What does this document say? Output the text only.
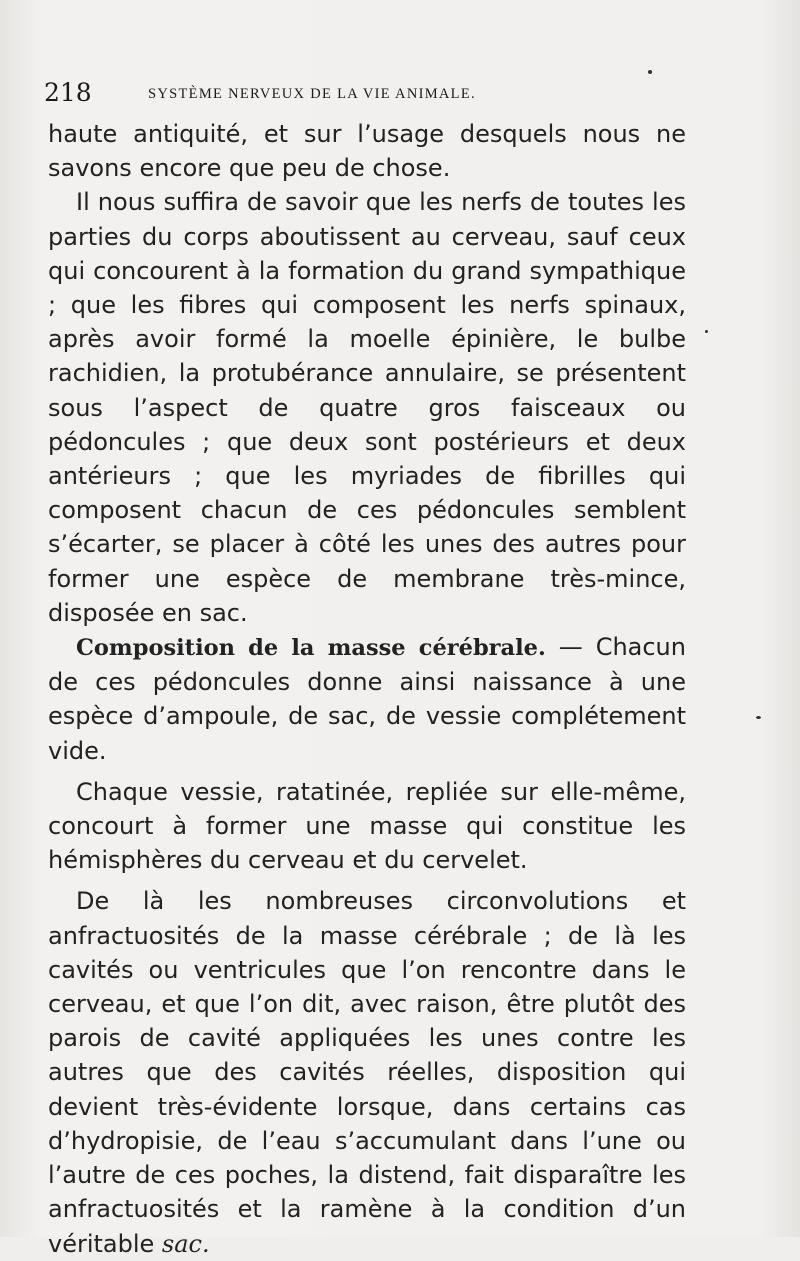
218	SYSTÈME NERVEUX DE LA VIE ANIMALE.

haute antiquité, et sur l’usage desquels nous ne savons encore que peu de chose.

Il nous suffira de savoir que les nerfs de toutes les parties du corps aboutissent au cerveau, sauf ceux qui concourent à la formation du grand sympathique ; que les fibres qui composent les nerfs spinaux, après avoir formé la moelle épinière, le bulbe rachidien, la protubérance annulaire, se présentent sous l’aspect de quatre gros faisceaux ou pédoncules ; que deux sont postérieurs et deux antérieurs ; que les myriades de fibrilles qui composent chacun de ces pédoncules semblent s’écarter, se placer à côté les unes des autres pour former une espèce de membrane très-mince, disposée en sac.

Composition de la masse cérébrale. — Chacun de ces pédoncules donne ainsi naissance à une espèce d’ampoule, de sac, de vessie complétement vide.

Chaque vessie, ratatinée, repliée sur elle-même, concourt à former une masse qui constitue les hémisphères du cerveau et du cervelet.

De là les nombreuses circonvolutions et anfractuosités de la masse cérébrale ; de là les cavités ou ventricules que l’on rencontre dans le cerveau, et que l’on dit, avec raison, être plutôt des parois de cavité appliquées les unes contre les autres que des cavités réelles, disposition qui devient très-évidente lorsque, dans certains cas d’hydropisie, de l’eau s’accumulant dans l’une ou l’autre de ces poches, la distend, fait disparaître les anfractuosités et la ramène à la condition d’un véritable sac.
